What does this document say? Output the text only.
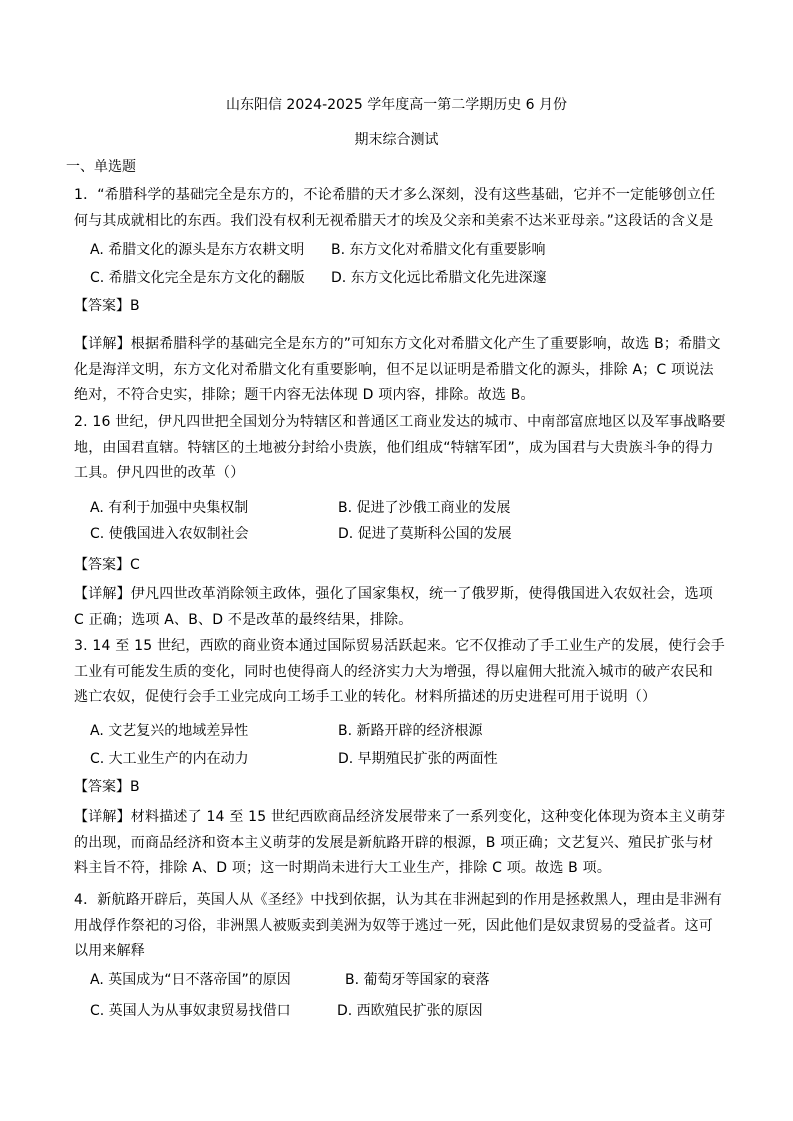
山东阳信 2024-2025 学年度高一第二学期历史 6 月份
期末综合测试
一、单选题
1．“希腊科学的基础完全是东方的，不论希腊的天才多么深刻，没有这些基础，它并不一定能够创立任何与其成就相比的东西。我们没有权利无视希腊天才的埃及父亲和美索不达米亚母亲。”这段话的含义是
A. 希腊文化的源头是东方农耕文明 B. 东方文化对希腊文化有重要影响
C. 希腊文化完全是东方文化的翻版 D. 东方文化远比希腊文化先进深邃
【答案】B
【详解】根据希腊科学的基础完全是东方的”可知东方文化对希腊文化产生了重要影响，故选 B；希腊文化是海洋文明，东方文化对希腊文化有重要影响，但不足以证明是希腊文化的源头，排除 A；C 项说法绝对，不符合史实，排除；题干内容无法体现 D 项内容，排除。故选 B。
2. 16 世纪，伊凡四世把全国划分为特辖区和普通区工商业发达的城市、中南部富庶地区以及军事战略要地，由国君直辖。特辖区的土地被分封给小贵族，他们组成“特辖军团”，成为国君与大贵族斗争的得力工具。伊凡四世的改革（）
A. 有利于加强中央集权制	B. 促进了沙俄工商业的发展
C. 使俄国进入农奴制社会	D. 促进了莫斯科公国的发展
【答案】C
【详解】伊凡四世改革消除领主政体，强化了国家集权，统一了俄罗斯，使得俄国进入农奴社会，选项 C 正确；选项 A、B、D 不是改革的最终结果，排除。
3. 14 至 15 世纪，西欧的商业资本通过国际贸易活跃起来。它不仅推动了手工业生产的发展，使行会手工业有可能发生质的变化，同时也使得商人的经济实力大为增强，得以雇佣大批流入城市的破产农民和逃亡农奴，促使行会手工业完成向工场手工业的转化。材料所描述的历史进程可用于说明（）
A. 文艺复兴的地域差异性	B. 新路开辟的经济根源
C. 大工业生产的内在动力	D. 早期殖民扩张的两面性
【答案】B
【详解】材料描述了 14 至 15 世纪西欧商品经济发展带来了一系列变化，这种变化体现为资本主义萌芽的出现，而商品经济和资本主义萌芽的发展是新航路开辟的根源，B 项正确；文艺复兴、殖民扩张与材料主旨不符，排除 A、D 项；这一时期尚未进行大工业生产，排除 C 项。故选 B 项。
4．新航路开辟后，英国人从《圣经》中找到依据，认为其在非洲起到的作用是拯救黑人，理由是非洲有用战俘作祭祀的习俗，非洲黑人被贩卖到美洲为奴等于逃过一死，因此他们是奴隶贸易的受益者。这可以用来解释
A. 英国成为“日不落帝国”的原因	B. 葡萄牙等国家的衰落
C. 英国人为从事奴隶贸易找借口	D. 西欧殖民扩张的原因
